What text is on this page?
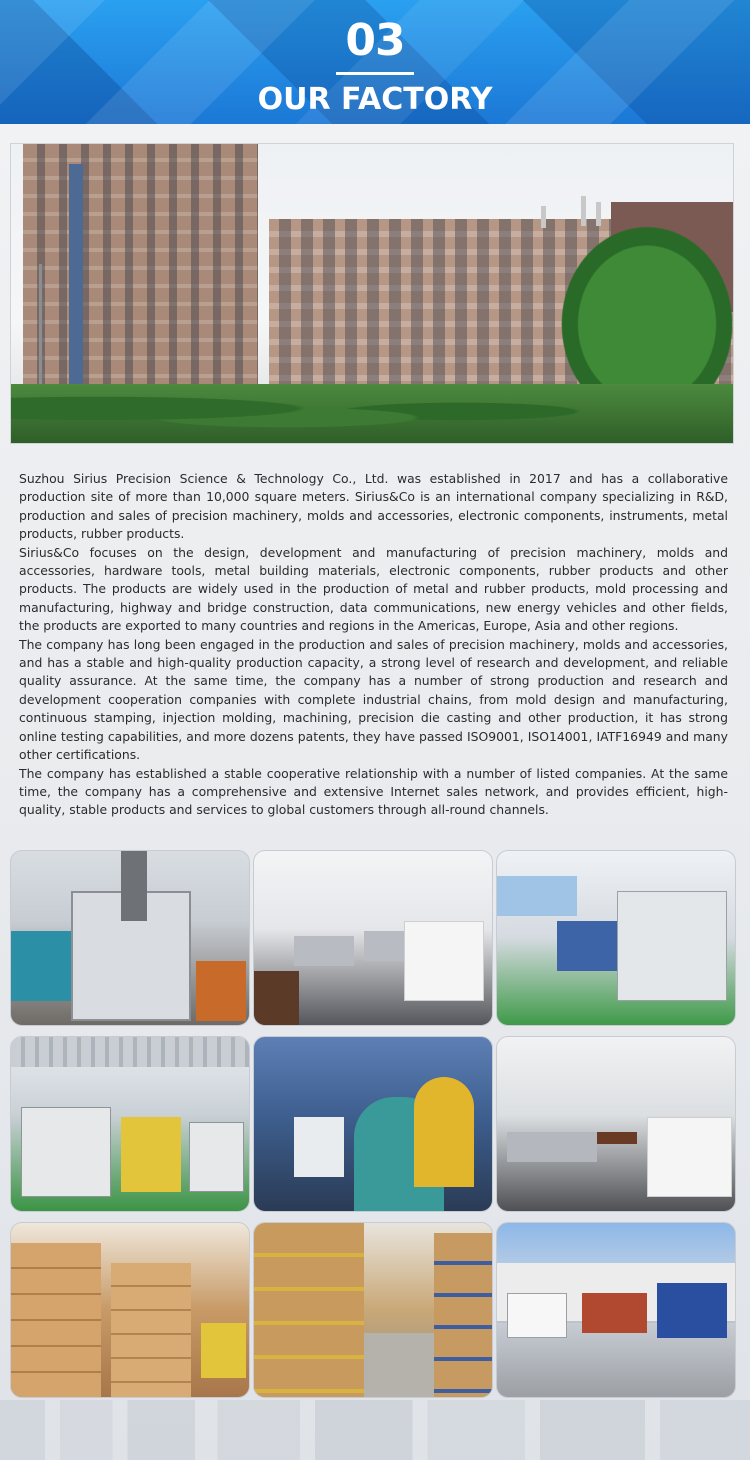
03
OUR FACTORY

Suzhou Sirius Precision Science & Technology Co., Ltd. was established in 2017 and has a collaborative production site of more than 10,000 square meters. Sirius&Co is an international company specializing in R&D, production and sales of precision machinery, molds and accessories, electronic components, instruments, metal products, rubber products.

Sirius&Co focuses on the design, development and manufacturing of precision machinery, molds and accessories, hardware tools, metal building materials, electronic components, rubber products and other products. The products are widely used in the production of metal and rubber products, mold processing and manufacturing, highway and bridge construction, data communications, new energy vehicles and other fields, the products are exported to many countries and regions in the Americas, Europe, Asia and other regions.

The company has long been engaged in the production and sales of precision machinery, molds and accessories, and has a stable and high-quality production capacity, a strong level of research and development, and reliable quality assurance. At the same time, the company has a number of strong production and research and development cooperation companies with complete industrial chains, from mold design and manufacturing, continuous stamping, injection molding, machining, precision die casting and other production, it has strong online testing capabilities, and more dozens patents, they have passed ISO9001, ISO14001, IATF16949 and many other certifications.

The company has established a stable cooperative relationship with a number of listed companies. At the same time, the company has a comprehensive and extensive Internet sales network, and provides efficient, high-quality, stable products and services to global customers through all-round channels.
